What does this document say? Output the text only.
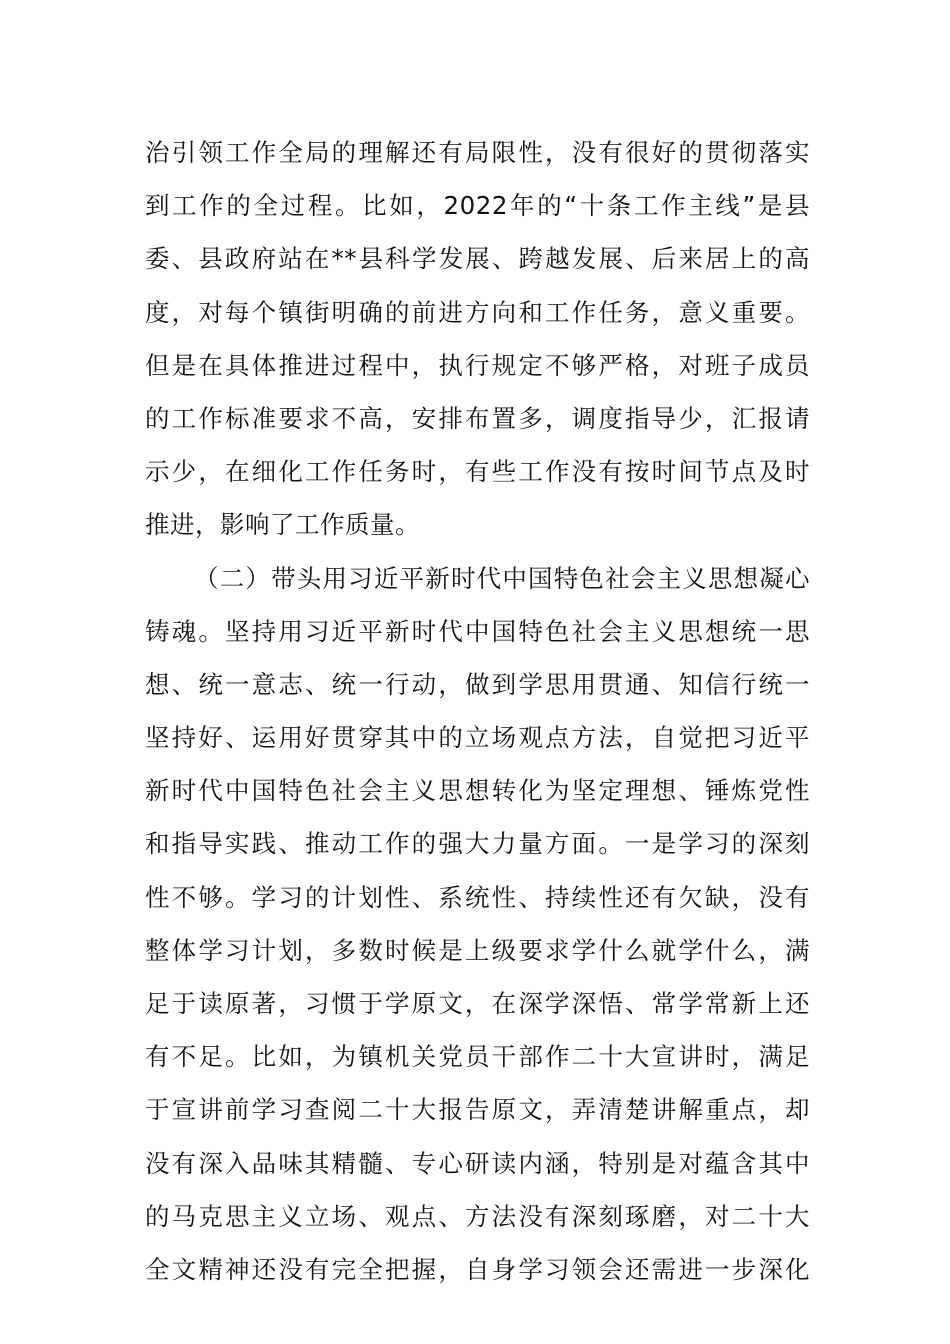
治引领工作全局的理解还有局限性，没有很好的贯彻落实
到工作的全过程。比如，2022年的“十条工作主线”是县
委、县政府站在**县科学发展、跨越发展、后来居上的高
度，对每个镇街明确的前进方向和工作任务，意义重要。
但是在具体推进过程中，执行规定不够严格，对班子成员
的工作标准要求不高，安排布置多，调度指导少，汇报请
示少，在细化工作任务时，有些工作没有按时间节点及时
推进，影响了工作质量。
（二）带头用习近平新时代中国特色社会主义思想凝心
铸魂。坚持用习近平新时代中国特色社会主义思想统一思
想、统一意志、统一行动，做到学思用贯通、知信行统一
坚持好、运用好贯穿其中的立场观点方法，自觉把习近平
新时代中国特色社会主义思想转化为坚定理想、锤炼党性
和指导实践、推动工作的强大力量方面。一是学习的深刻
性不够。学习的计划性、系统性、持续性还有欠缺，没有
整体学习计划，多数时候是上级要求学什么就学什么，满
足于读原著，习惯于学原文，在深学深悟、常学常新上还
有不足。比如，为镇机关党员干部作二十大宣讲时，满足
于宣讲前学习查阅二十大报告原文，弄清楚讲解重点，却
没有深入品味其精髓、专心研读内涵，特别是对蕴含其中
的马克思主义立场、观点、方法没有深刻琢磨，对二十大
全文精神还没有完全把握，自身学习领会还需进一步深化
